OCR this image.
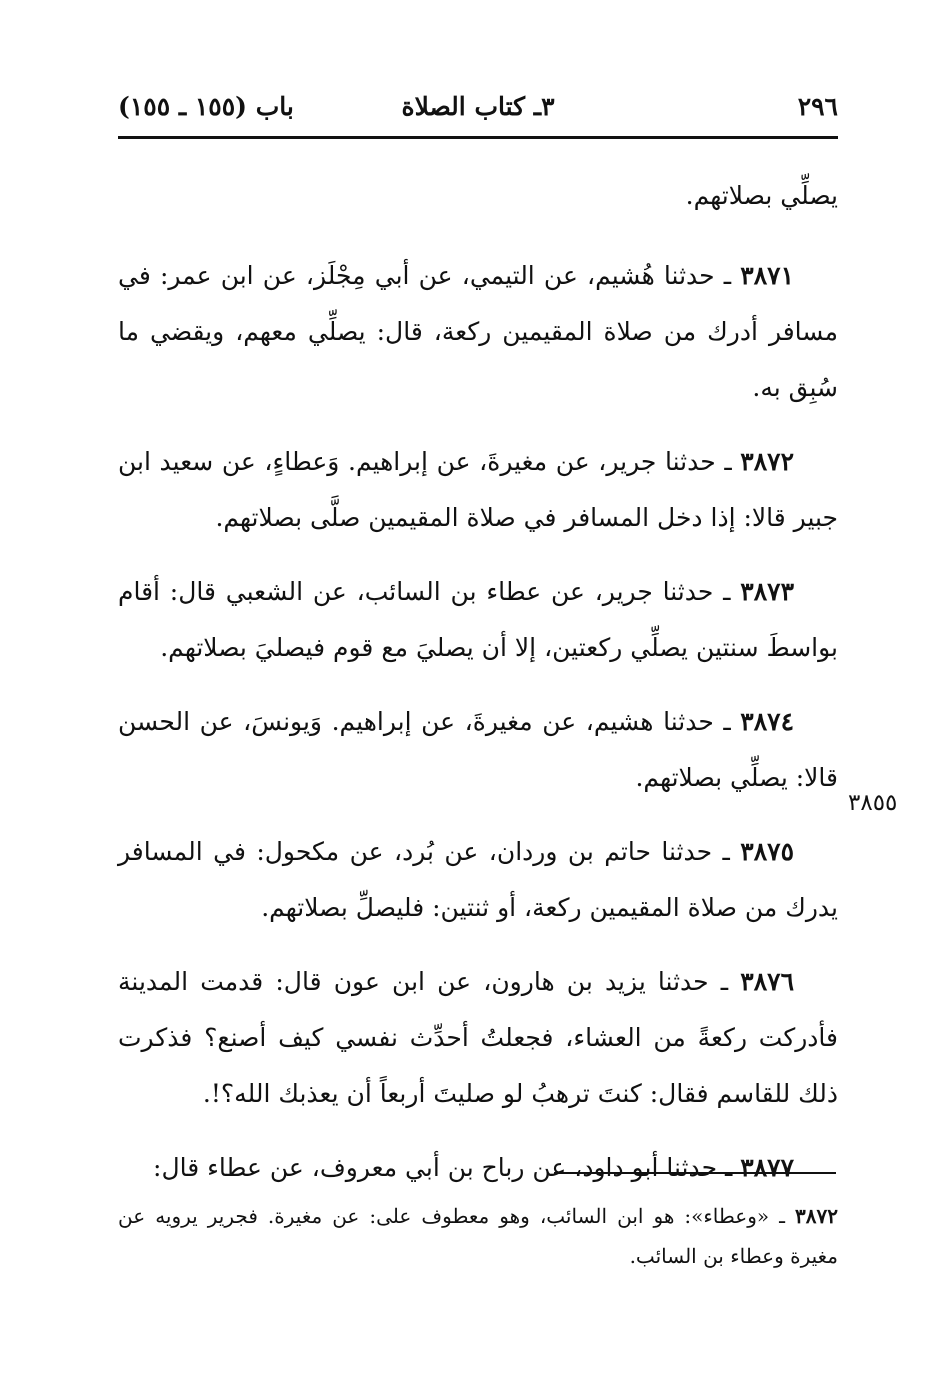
٢٩٦
٣ـ كتاب الصلاة
باب (١٥٥ ـ ١٥٥)

يصلِّي بصلاتهم.

٣٨٧١ ـ حدثنا هُشيم، عن التيمي، عن أبي مِجْلَز، عن ابن عمر: في مسافر أدرك من صلاة المقيمين ركعة، قال: يصلِّي معهم، ويقضي ما سُبِق به.

٣٨٧٢ ـ حدثنا جرير، عن مغيرةَ، عن إبراهيم. وَعطاءٍ، عن سعيد ابن جبير قالا: إذا دخل المسافر في صلاة المقيمين صلَّى بصلاتهم.

٣٨٧٣ ـ حدثنا جرير، عن عطاء بن السائب، عن الشعبي قال: أقام بواسطَ سنتين يصلِّي ركعتين، إلا أن يصليَ مع قوم فيصليَ بصلاتهم.

٣٨٧٤ ـ حدثنا هشيم، عن مغيرةَ، عن إبراهيم. وَيونسَ، عن الحسن قالا: يصلِّي بصلاتهم.

٣٨٧٥ ـ حدثنا حاتم بن وردان، عن بُرد، عن مكحول: في المسافر يدرك من صلاة المقيمين ركعة، أو ثنتين: فليصلِّ بصلاتهم.

٣٨٧٦ ـ حدثنا يزيد بن هارون، عن ابن عون قال: قدمت المدينة فأدركت ركعةً من العشاء، فجعلتُ أحدِّث نفسي كيف أصنع؟ فذكرت ذلك للقاسم فقال: كنتَ ترهبُ لو صليتَ أربعاً أن يعذبك الله؟!.

٣٨٧٧ ـ حدثنا أبو داود، عن رباح بن أبي معروف، عن عطاء قال:

٣٨٥٥
٣٨٧٢ ـ «وعطاء»: هو ابن السائب، وهو معطوف على: عن مغيرة. فجرير يرويه عن مغيرة وعطاء بن السائب.
